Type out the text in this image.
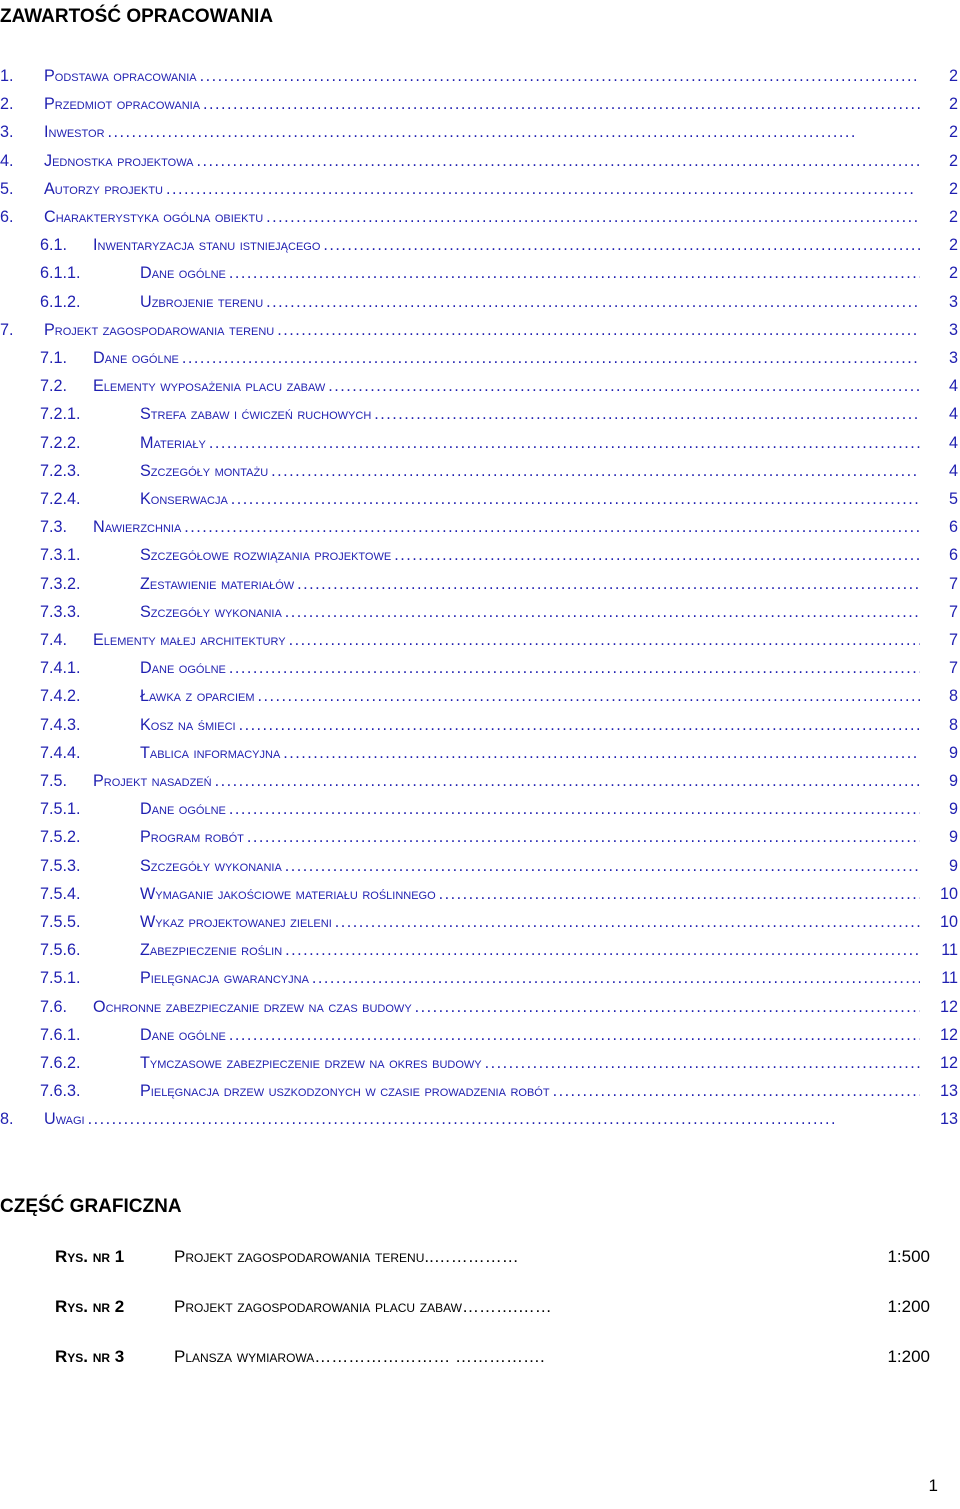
ZAWARTOŚĆ OPRACOWANIA
1. Podstawa opracowania . . .	2
2. Przedmiot opracowania . . .	2
3. Inwestor . . .	2
4. Jednostka projektowa . . .	2
5. Autorzy projektu . . .	2
6. Charakterystyka ogólna obiektu . . .	2
6.1. Inwentaryzacja stanu istniejącego . . .	2
6.1.1.	Dane ogólne . . .	2
6.1.2.	Uzbrojenie terenu . . .	3
7. Projekt zagospodarowania terenu . . .	3
7.1. Dane ogólne . . .	3
7.2. Elementy wyposażenia placu zabaw . . .	4
7.2.1.	Strefa zabaw i ćwiczeń ruchowych . . .	4
7.2.2.	Materiały . . .	4
7.2.3.	Szczegóły montażu . . .	4
7.2.4.	Konserwacja . . .	5
7.3. Nawierzchnia . . .	6
7.3.1.	Szczegółowe rozwiązania projektowe . . .	6
7.3.2.	Zestawienie materiałów . . .	7
7.3.3.	Szczegóły wykonania . . .	7
7.4. Elementy małej architektury . . .	7
7.4.1.	Dane ogólne . . .	7
7.4.2.	Ławka z oparciem . . .	8
7.4.3.	Kosz na śmieci . . .	8
7.4.4.	Tablica informacyjna . . .	9
7.5. Projekt nasadzeń . . .	9
7.5.1.	Dane ogólne . . .	9
7.5.2.	Program robót . . .	9
7.5.3.	Szczegóły wykonania . . .	9
7.5.4.	Wymaganie jakościowe materiału roślinnego . . .	10
7.5.5.	Wykaz projektowanej zieleni . . .	10
7.5.6.	Zabezpieczenie roślin . . .	11
7.5.1.	Pielęgnacja gwarancyjna . . .	11
7.6. Ochronne zabezpieczanie drzew na czas budowy . . .	12
7.6.1.	Dane ogólne . . .	12
7.6.2.	Tymczasowe zabezpieczenie drzew na okres budowy . . .	12
7.6.3.	Pielęgnacja drzew uszkodzonych w czasie prowadzenia robót . . .	13
8. Uwagi . . .	13
CZĘŚĆ GRAFICZNA
Rys. nr 1	Projekt zagospodarowania terenu..……………	1:500
Rys. nr 2	Projekt zagospodarowania placu zabaw……….……	1:200
Rys. nr 3	Plansza wymiarowa…………………… …………….	1:200
1
